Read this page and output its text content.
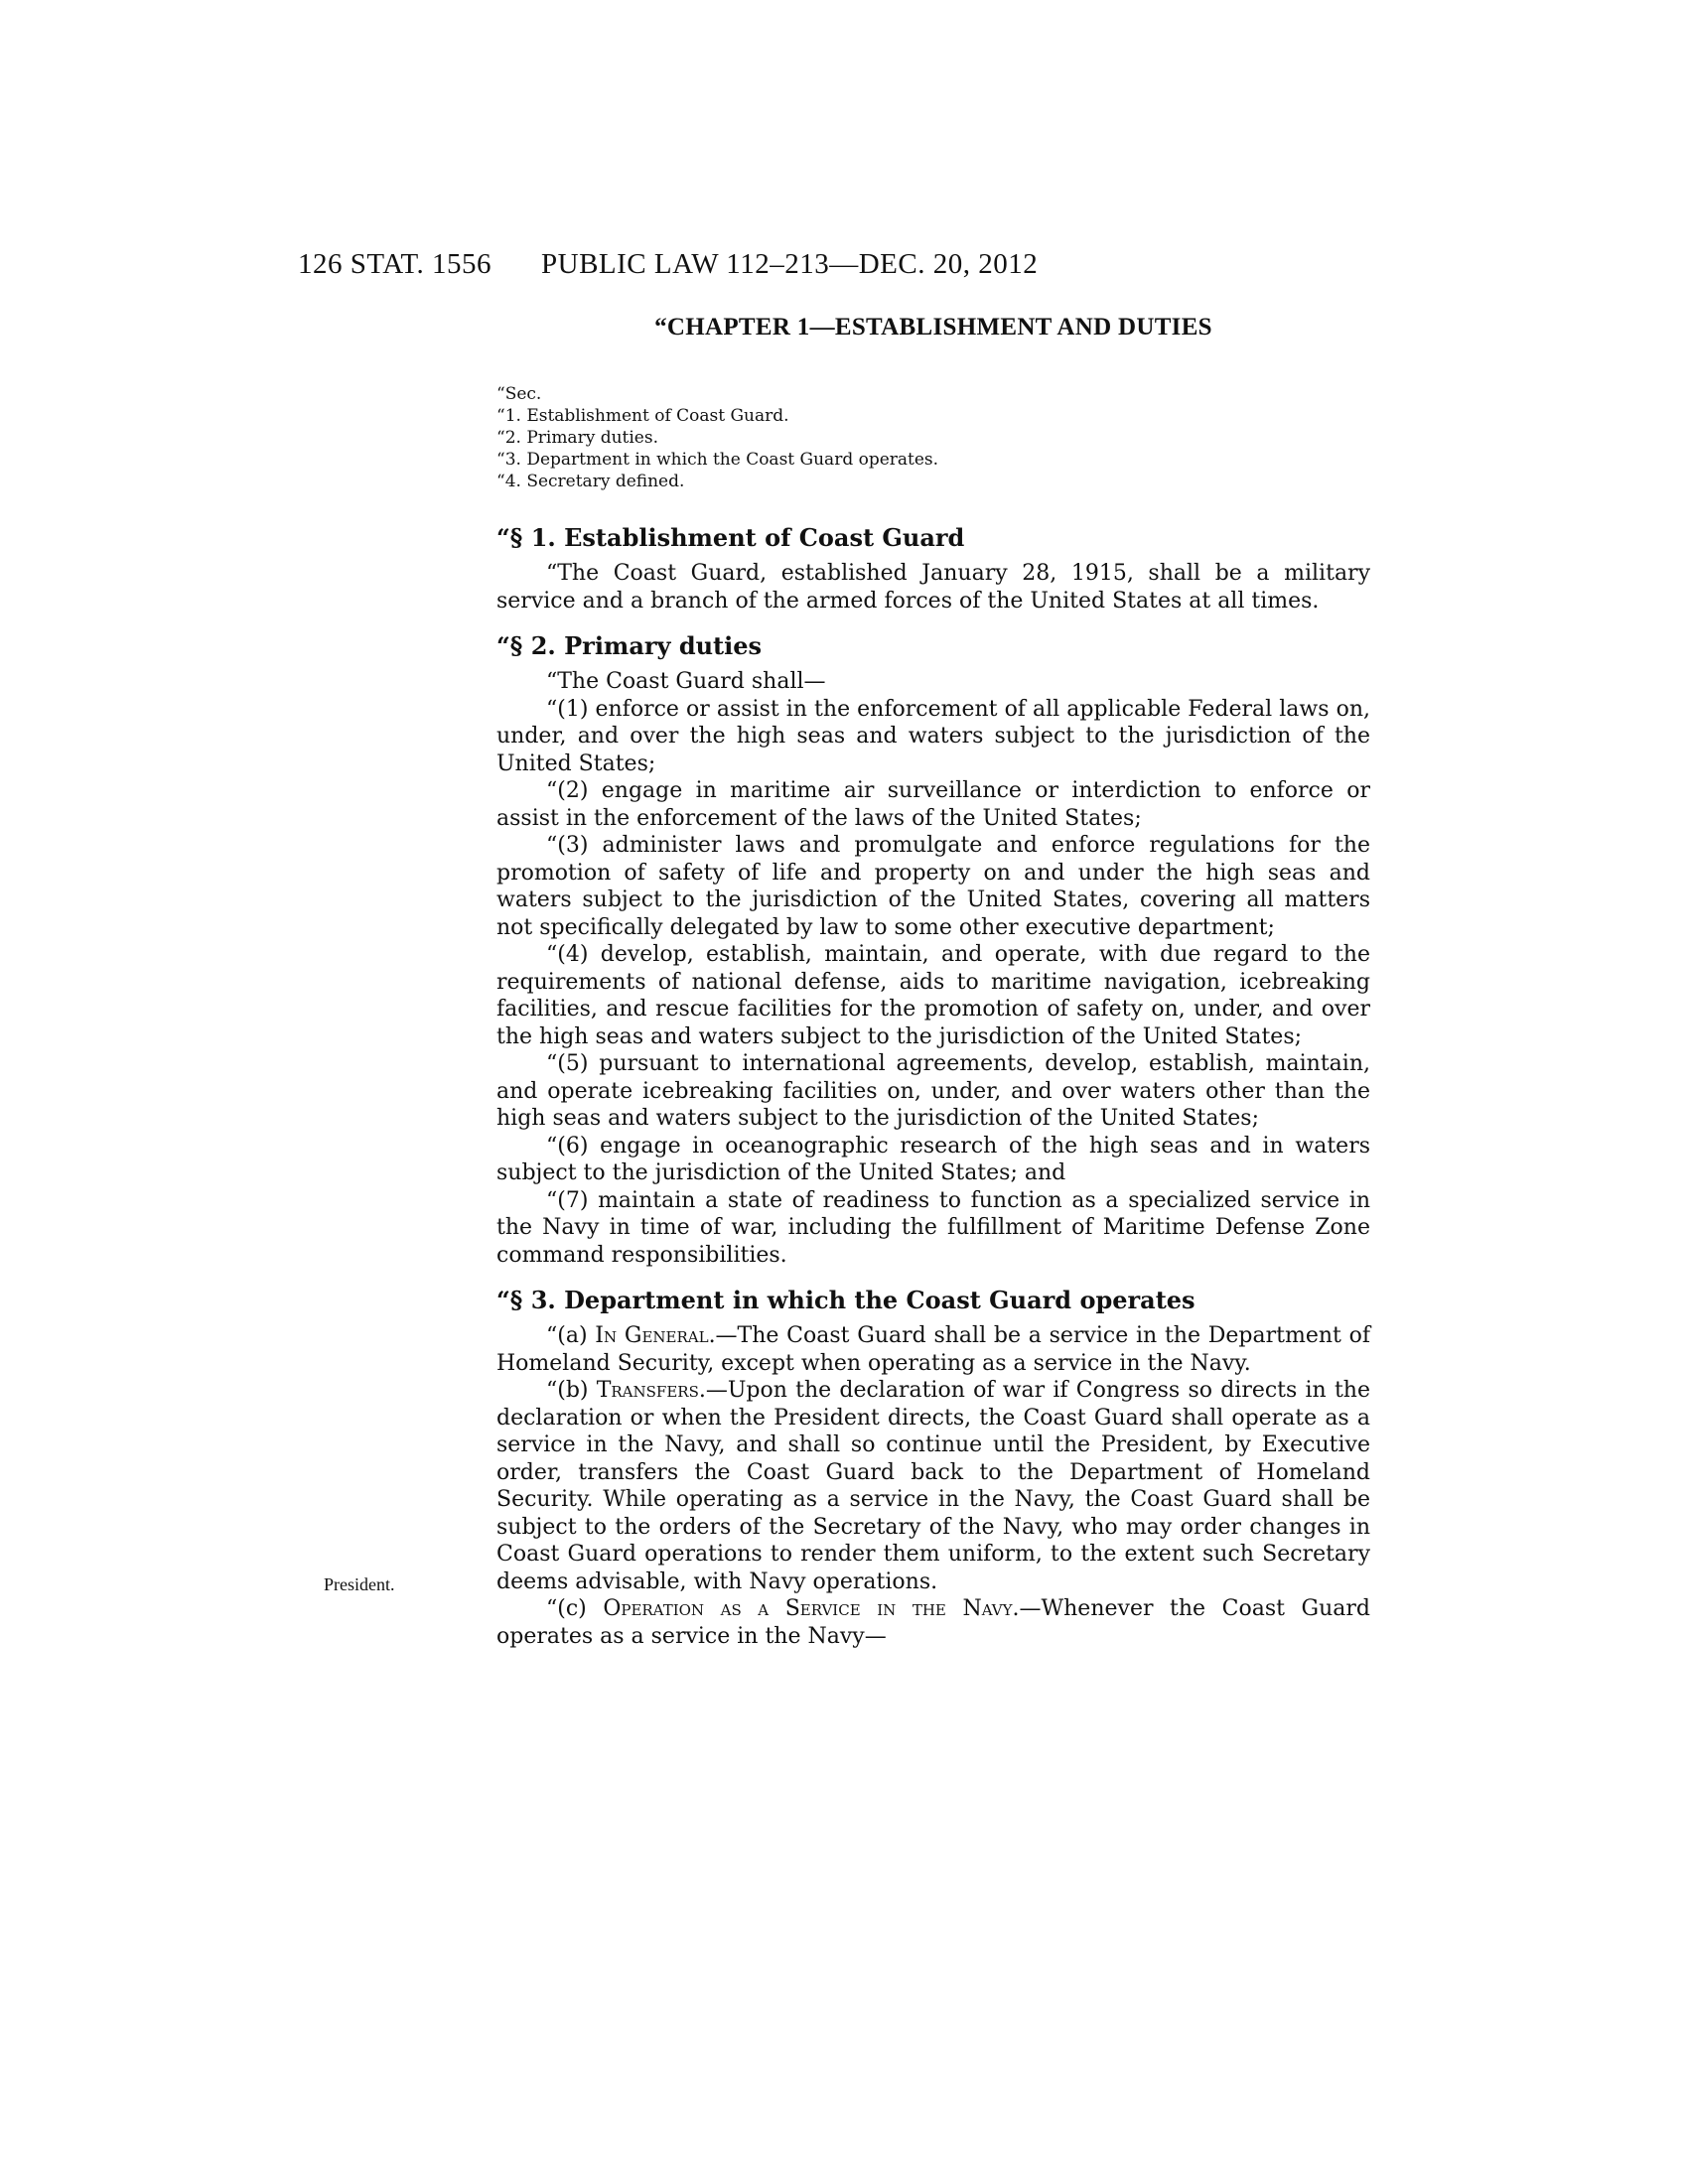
126 STAT. 1556 PUBLIC LAW 112–213—DEC. 20, 2012
President.
“CHAPTER 1—ESTABLISHMENT AND DUTIES
“Sec.
“1. Establishment of Coast Guard.
“2. Primary duties.
“3. Department in which the Coast Guard operates.
“4. Secretary defined.
“§ 1. Establishment of Coast Guard

“The Coast Guard, established January 28, 1915, shall be a military service and a branch of the armed forces of the United States at all times.

“§ 2. Primary duties

“The Coast Guard shall—

“(1) enforce or assist in the enforcement of all applicable Federal laws on, under, and over the high seas and waters subject to the jurisdiction of the United States;

“(2) engage in maritime air surveillance or interdiction to enforce or assist in the enforcement of the laws of the United States;

“(3) administer laws and promulgate and enforce regulations for the promotion of safety of life and property on and under the high seas and waters subject to the jurisdiction of the United States, covering all matters not specifically delegated by law to some other executive department;

“(4) develop, establish, maintain, and operate, with due regard to the requirements of national defense, aids to maritime navigation, icebreaking facilities, and rescue facilities for the promotion of safety on, under, and over the high seas and waters subject to the jurisdiction of the United States;

“(5) pursuant to international agreements, develop, establish, maintain, and operate icebreaking facilities on, under, and over waters other than the high seas and waters subject to the jurisdiction of the United States;

“(6) engage in oceanographic research of the high seas and in waters subject to the jurisdiction of the United States; and

“(7) maintain a state of readiness to function as a specialized service in the Navy in time of war, including the fulfillment of Maritime Defense Zone command responsibilities.

“§ 3. Department in which the Coast Guard operates

“(a) In General.—The Coast Guard shall be a service in the Department of Homeland Security, except when operating as a service in the Navy.

“(b) Transfers.—Upon the declaration of war if Congress so directs in the declaration or when the President directs, the Coast Guard shall operate as a service in the Navy, and shall so continue until the President, by Executive order, transfers the Coast Guard back to the Department of Homeland Security. While operating as a service in the Navy, the Coast Guard shall be subject to the orders of the Secretary of the Navy, who may order changes in Coast Guard operations to render them uniform, to the extent such Secretary deems advisable, with Navy operations.

“(c) Operation as a Service in the Navy.—Whenever the Coast Guard operates as a service in the Navy—
